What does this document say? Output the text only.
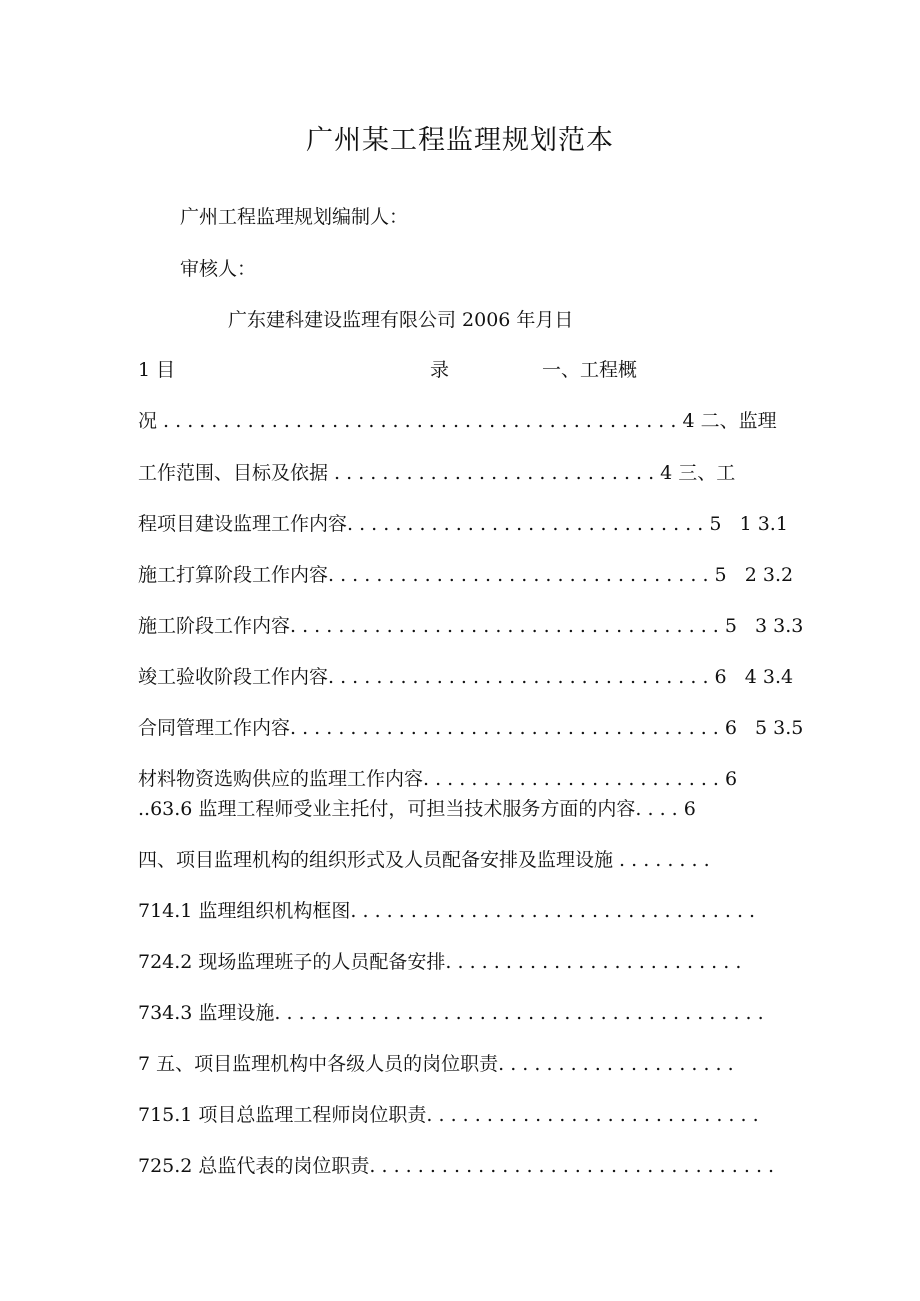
广州某工程监理规划范本
广州工程监理规划编制人：
审核人：
广东建科建设监理有限公司 2006 年月日
1 目	录	一、工程概
况 . . . . . . . . . . . . . . . . . . . . . . . . . . . . . . . . . . . . . . . . . . . 4 二、监理
工作范围、目标及依据 . . . . . . . . . . . . . . . . . . . . . . . . . . . 4 三、工
程项目建设监理工作内容. . . . . . . . . . . . . . . . . . . . . . . . . . . . . . 5   1 3.1
施工打算阶段工作内容. . . . . . . . . . . . . . . . . . . . . . . . . . . . . . . . 5   2 3.2
施工阶段工作内容. . . . . . . . . . . . . . . . . . . . . . . . . . . . . . . . . . . . 5   3 3.3
竣工验收阶段工作内容. . . . . . . . . . . . . . . . . . . . . . . . . . . . . . . . 6   4 3.4
合同管理工作内容. . . . . . . . . . . . . . . . . . . . . . . . . . . . . . . . . . . . 6   5 3.5
材料物资选购供应的监理工作内容. . . . . . . . . . . . . . . . . . . . . . . . . 6
..63.6 监理工程师受业主托付，可担当技术服务方面的内容. . . . 6
四、项目监理机构的组织形式及人员配备安排及监理设施 . . . . . . . .
714.1 监理组织机构框图. . . . . . . . . . . . . . . . . . . . . . . . . . . . . . . . . .
724.2 现场监理班子的人员配备安排. . . . . . . . . . . . . . . . . . . . . . . . .
734.3 监理设施. . . . . . . . . . . . . . . . . . . . . . . . . . . . . . . . . . . . . . . . .
7 五、项目监理机构中各级人员的岗位职责. . . . . . . . . . . . . . . . . . . .
715.1 项目总监理工程师岗位职责. . . . . . . . . . . . . . . . . . . . . . . . . . . .
725.2 总监代表的岗位职责. . . . . . . . . . . . . . . . . . . . . . . . . . . . . . . . . .
